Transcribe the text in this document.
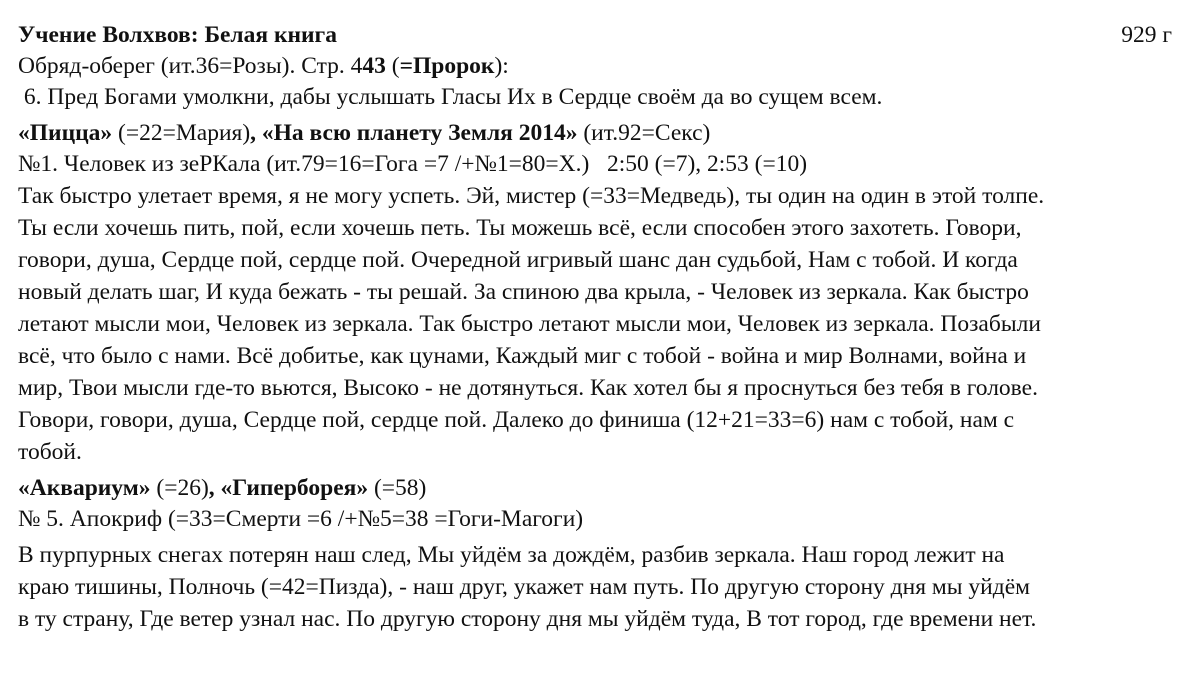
Учение Волхвов: Белая книга	929 г
Обряд-оберег (ит.36=Розы). Стр. 443 (=Пророк):
6. Пред Богами умолкни, дабы услышать Гласы Их в Сердце своём да во сущем всем.
«Пицца» (=22=Мария), «На всю планету Земля 2014» (ит.92=Секс)
№1. Человек из зеРКала (ит.79=16=Гога =7 /+№1=80=Х.)   2:50 (=7), 2:53 (=10)
Так быстро улетает время, я не могу успеть. Эй, мистер (=33=Медведь), ты один на один в этой толпе.
Ты если хочешь пить, пой, если хочешь петь. Ты можешь всё, если способен этого захотеть. Говори,
говори, душа, Сердце пой, сердце пой. Очередной игривый шанс дан судьбой, Нам с тобой. И когда
новый делать шаг, И куда бежать - ты решай. За спиною два крыла, - Человек из зеркала. Как быстро
летают мысли мои, Человек из зеркала. Так быстро летают мысли мои, Человек из зеркала. Позабыли
всё, что было с нами. Всё добитье, как цунами, Каждый миг с тобой - война и мир Волнами, война и
мир, Твои мысли где-то вьются, Высоко - не дотянуться. Как хотел бы я проснуться без тебя в голове.
Говори, говори, душа, Сердце пой, сердце пой. Далеко до финиша (12+21=33=6) нам с тобой, нам с
тобой.
«Аквариум» (=26), «Гиперборея» (=58)
№ 5. Апокриф (=33=Смерти =6 /+№5=38 =Гоги-Магоги)
В пурпурных снегах потерян наш след, Мы уйдём за дождём, разбив зеркала. Наш город лежит на
краю тишины, Полночь (=42=Пизда), - наш друг, укажет нам путь. По другую сторону дня мы уйдём
в ту страну, Где ветер узнал нас. По другую сторону дня мы уйдём туда, В тот город, где времени нет.
